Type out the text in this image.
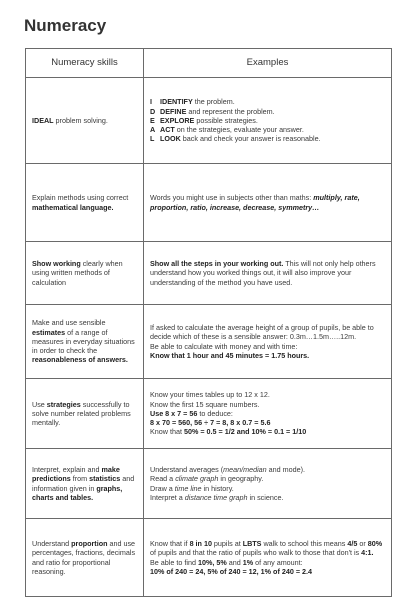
Numeracy
Numeracy skills	Examples
IDEAL problem solving.	I IDENTIFY the problem.
D DEFINE and represent the problem.
E EXPLORE possible strategies.
A ACT on the strategies, evaluate your answer.
L LOOK back and check your answer is reasonable.

Explain methods using correct mathematical language.	Words you might use in subjects other than maths: multiply, rate, proportion, ratio, increase, decrease, symmetry…
Show working clearly when using written methods of calculation	Show all the steps in your working out. This will not only help others understand how you worked things out, it will also improve your understanding of the method you have used.
Make and use sensible estimates of a range of measures in everyday situations in order to check the reasonableness of answers.	If asked to calculate the average height of a group of pupils, be able to decide which of these is a sensible answer: 0.3m…1.5m…..12m.
Be able to calculate with money and with time:
Know that 1 hour and 45 minutes = 1.75 hours.

Use strategies successfully to solve number related problems mentally.	Know your times tables up to 12 x 12.
Know the first 15 square numbers.
Use 8 x 7 = 56 to deduce:
8 x 70 = 560, 56 ÷ 7 = 8, 8 x 0.7 = 5.6
Know that 50% = 0.5 = 1/2 and 10% = 0.1 = 1/10

Interpret, explain and make predictions from statistics and information given in graphs, charts and tables.	Understand averages (mean/median and mode).
Read a climate graph in geography.
Draw a time line in history.
Interpret a distance time graph in science.

Understand proportion and use percentages, fractions, decimals and ratio for proportional reasoning.	Know that if 8 in 10 pupils at LBTS walk to school this means 4/5 or 80% of pupils and that the ratio of pupils who walk to those that don't is 4:1.
Be able to find 10%, 5% and 1% of any amount:
10% of 240 = 24, 5% of 240 = 12, 1% of 240 = 2.4
